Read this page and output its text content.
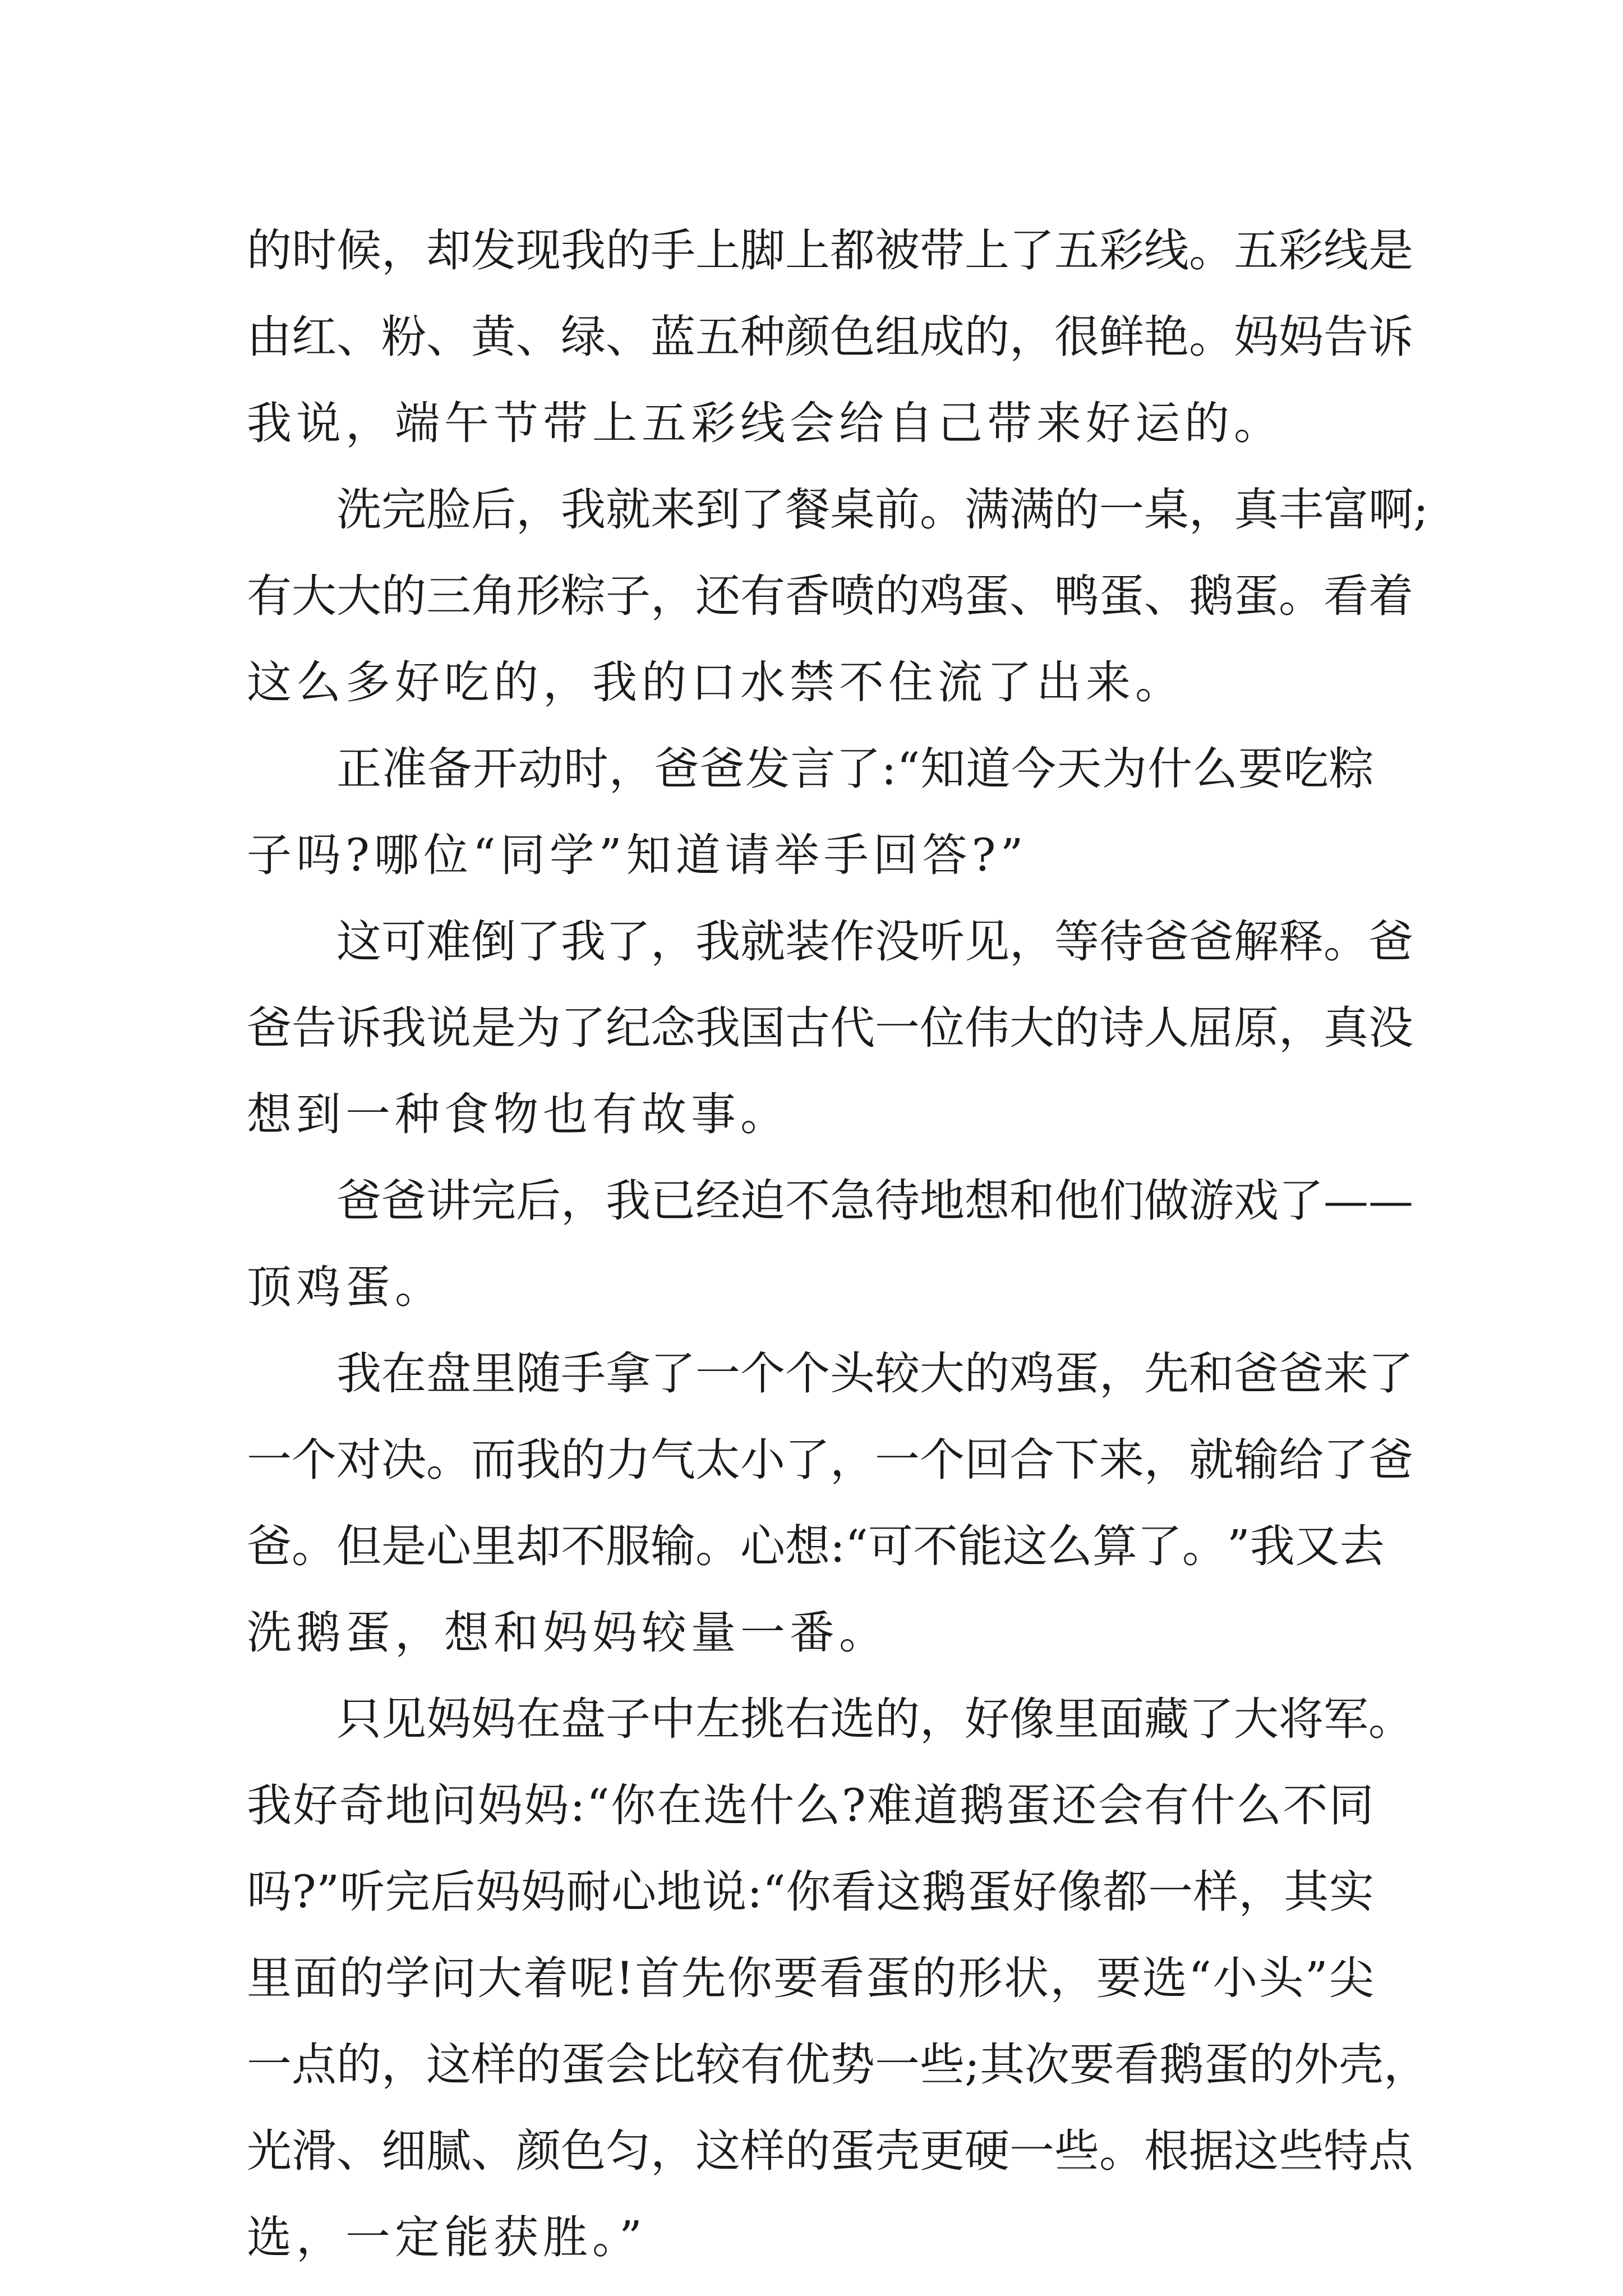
的 时 候 ， 却 发 现 我 的 手 上 脚 上 都 被 带 上 了 五 彩 线 。 五 彩 线 是
由 红 、 粉 、 黄 、 绿 、 蓝 五 种 颜 色 组 成 的 ， 很 鲜 艳 。 妈 妈 告 诉
我说，端午节带上五彩线会给自己带来好运的。
洗 完 脸 后 ， 我 就 来 到 了 餐 桌 前 。 满 满 的 一 桌 ， 真 丰 富 啊 ;
有 大 大 的 三 角 形 粽 子 ， 还 有 香 喷 的 鸡 蛋 、 鸭 蛋 、 鹅 蛋 。 看 着
这么多好吃的，我的口水禁不住流了出来。
正 准 备 开 动 时 ， 爸 爸 发 言 了 : “ 知 道 今 天 为 什 么 要 吃 粽
子吗?哪位“同学”知道请举手回答?”
这 可 难 倒 了 我 了 ， 我 就 装 作 没 听 见 ， 等 待 爸 爸 解 释 。 爸
爸 告 诉 我 说 是 为 了 纪 念 我 国 古 代 一 位 伟 大 的 诗 人 屈 原 ， 真 没
想到一种食物也有故事。
爸 爸 讲 完 后 ， 我 已 经 迫 不 急 待 地 想 和 他 们 做 游 戏 了 — —
顶鸡蛋。
我 在 盘 里 随 手 拿 了 一 个 个 头 较 大 的 鸡 蛋 ， 先 和 爸 爸 来 了
一 个 对 决 。 而 我 的 力 气 太 小 了 ， 一 个 回 合 下 来 ， 就 输 给 了 爸
爸 。 但 是 心 里 却 不 服 输 。 心 想 : “ 可 不 能 这 么 算 了 。 ” 我 又 去
洗鹅蛋，想和妈妈较量一番。
只 见 妈 妈 在 盘 子 中 左 挑 右 选 的 ， 好 像 里 面 藏 了 大 将 军 。
我 好 奇 地 问 妈 妈 : “ 你 在 选 什 么 ? 难 道 鹅 蛋 还 会 有 什 么 不 同
吗 ? ” 听 完 后 妈 妈 耐 心 地 说 : “ 你 看 这 鹅 蛋 好 像 都 一 样 ， 其 实
里 面 的 学 问 大 着 呢 ! 首 先 你 要 看 蛋 的 形 状 ， 要 选 “ 小 头 ” 尖
一 点 的 ， 这 样 的 蛋 会 比 较 有 优 势 一 些 ; 其 次 要 看 鹅 蛋 的 外 壳 ，
光 滑 、 细 腻 、 颜 色 匀 ， 这 样 的 蛋 壳 更 硬 一 些 。 根 据 这 些 特 点
选，一定能获胜。”
